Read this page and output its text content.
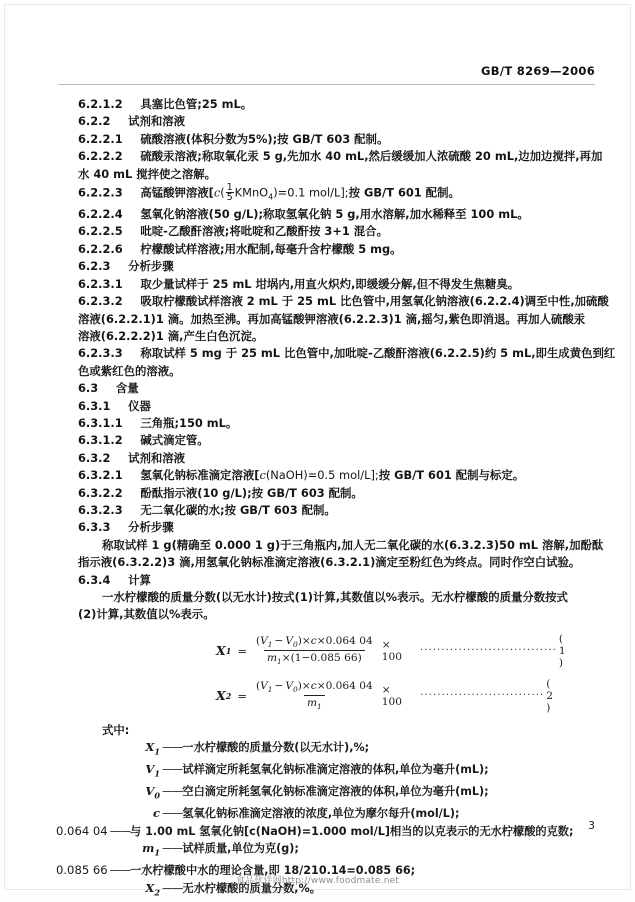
GB/T 8269—2006
6.2.1.2 具塞比色管;25 mL。
6.2.2 试剂和溶液
6.2.2.1 硫酸溶液(体积分数为5%);按 GB/T 603 配制。
6.2.2.2 硫酸汞溶液;称取氧化汞 5 g,先加水 40 mL,然后缓缓加人浓硫酸 20 mL,边加边搅拌,再加
水 40 mL 搅拌使之溶解。
6.2.2.3 高锰酸钾溶液[$c( \frac{1}{5}$ KMnO$_4$)=0.1 mol/L];按 GB/T 601 配制。
6.2.2.4 氢氧化钠溶液(50 g/L);称取氢氧化钠 5 g,用水溶解,加水稀释至 100 mL。
6.2.2.5 吡啶-乙酸酐溶液;将吡啶和乙酸酐按 3+1 混合。
6.2.2.6 柠檬酸试样溶液;用水配制,每毫升含柠檬酸 5 mg。
6.2.3 分析步骤
6.2.3.1 取少量试样于 25 mL 坩埚内,用直火炽灼,即缓缓分解,但不得发生焦糖臭。
6.2.3.2 吸取柠檬酸试样溶液 2 mL 于 25 mL 比色管中,用氢氧化钠溶液(6.2.2.4)调至中性,加硫酸
溶液(6.2.2.1)1 滴。加热至沸。再加高锰酸钾溶液(6.2.2.3)1 滴,摇匀,紫色即消退。再加人硫酸汞
溶液(6.2.2.2)1 滴,产生白色沉淀。
6.2.3.3 称取试样 5 mg 于 25 mL 比色管中,加吡啶-乙酸酐溶液(6.2.2.5)约 5 mL,即生成黄色到红
色或紫红色的溶液。
6.3 含量
6.3.1 仪器
6.3.1.1 三角瓶;150 mL。
6.3.1.2 碱式滴定管。
6.3.2 试剂和溶液
6.3.2.1 氢氧化钠标准滴定溶液[c(NaOH)=0.5 mol/L];按 GB/T 601 配制与标定。
6.3.2.2 酚酞指示液(10 g/L);按 GB/T 603 配制。
6.3.2.3 无二氧化碳的水;按 GB/T 603 配制。
6.3.3 分析步骤
称取试样 1 g(精确至 0.000 1 g)于三角瓶内,加人无二氧化碳的水(6.3.2.3)50 mL 溶解,加酚酞
指示液(6.3.2.2)3 滴,用氢氧化钠标准滴定溶液(6.3.2.1)滴定至粉红色为终点。同时作空白试验。
6.3.4 计算
一水柠檬酸的质量分数(以无水计)按式(1)计算,其数值以%表示。无水柠檬酸的质量分数按式
(2)计算,其数值以%表示。
X $1 = \frac{(V_1 - V_0)\times c\times 0.064 04}{m_1\times(1-0.085 66)} \times 100$ ································
( 1 )
X $2 = \frac{(V_1 - V_0)\times c\times 0.064 04}{m_1} \times 100$ ·····························
( 2 )
式中:
$X_1$ —— 一水柠檬酸的质量分数(以无水计),%;
$V_1$ —— 试样滴定所耗氢氧化钠标准滴定溶液的体积,单位为毫升(mL);
$V_0$ —— 空白滴定所耗氢氧化钠标准滴定溶液的体积,单位为毫升(mL);
c —— 氢氧化钠标准滴定溶液的浓度,单位为摩尔每升(mol/L);
0.064 04 —— 与 1.00 mL 氢氧化钠[c(NaOH)=1.000 mol/L]相当的以克表示的无水柠檬酸的克数;
$m_1$ —— 试样质量,单位为克(g);
0.085 66 —— 一水柠檬酸中水的理论含量,即 18/210.14=0.085 66;
$X_2$ —— 无水柠檬酸的质量分数,%。
3
食品伙伴网http://www.foodmate.net
